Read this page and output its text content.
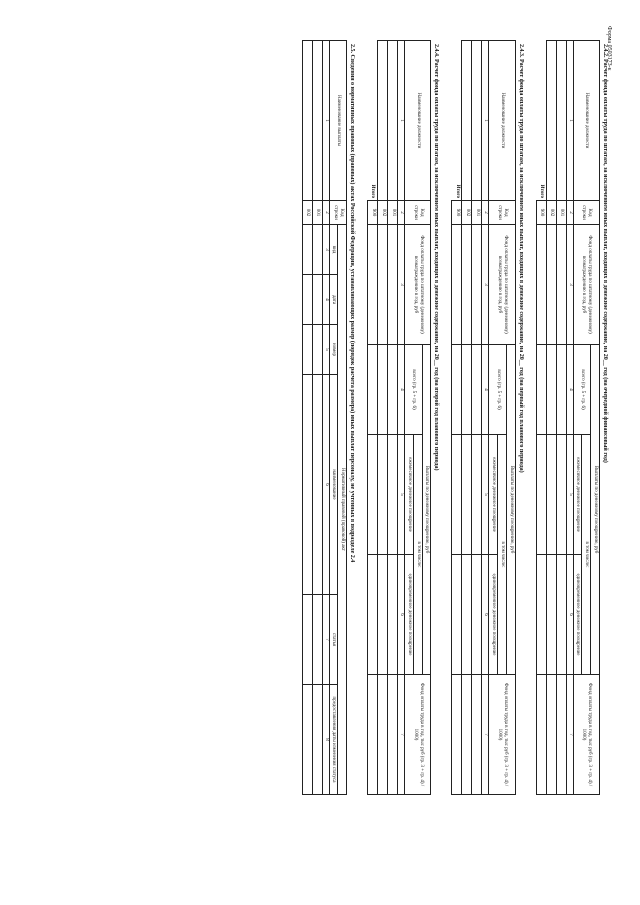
Форма 0503173-к
2.4.2. Расчет фонда оплаты труда по штатам, за исключением иных выплат, входящих в денежное содержание, на 20__ год (на очередной финансовый год)
Наименование должности	Код строки	Фонд оплаты труда по штатному (денежному) вознаграждению в год, руб	Выплаты по денежному поощрению, руб			Фонд оплаты труда в год, тыс руб (гр. 3 + гр. 4) / 1000)
			всего (гр. 5 + гр. 6)	в том числе:		
				ежемесячное денежное поощрение	единовременное денежное поощрение	
1	2	3	4	5	6	7
	001					
	002					
Итого	900					
2.4.3. Расчет фонда оплаты труда по штатам, за исключением иных выплат, входящих в денежное содержание, на 20__ год (на первый год планового периода)
Наименование должности	Код строки	Фонд оплаты труда по штатному (денежному) вознаграждению в год, руб	Выплаты по денежному поощрению, руб			Фонд оплаты труда в год, тыс руб (гр. 3 + гр. 4) / 1000)
			всего (гр. 5 + гр. 6)	в том числе:		
				ежемесячное денежное поощрение	единовременное денежное поощрение	
1	2	3	4	5	6	7
	001					
	002					
Итого	900					
2.4.4. Расчет фонда оплаты труда по штатам, за исключением иных выплат, входящих в денежное содержание, на 20__ год (на второй год планового периода)
Наименование должности	Код строки	Фонд оплаты труда по штатному (денежному) вознаграждению в год, руб	Выплаты по денежному поощрению, руб			Фонд оплаты труда в год, тыс руб (гр. 3 + гр. 4) / 1000)
			всего (гр. 5 + гр. 6)	в том числе:		
				ежемесячное денежное поощрение	единовременное денежное поощрение	
1	2	3	4	5	6	7
	001					
	002					
Итого	900					
2.5. Сведения о нормативных правовых (правовых) актах Российской Федерации, устанавливающих размер (порядок расчета размера) иных выплат персоналу, не учтенных в подразделе 2.4
Наименование выплаты	Код строки	Нормативный правовой (правовой) акт					
		вид	дата	номер	наименование	статья	предоставления даты изменения статуса
1	2	3	4	5	6	7	8
	001						
	002						
